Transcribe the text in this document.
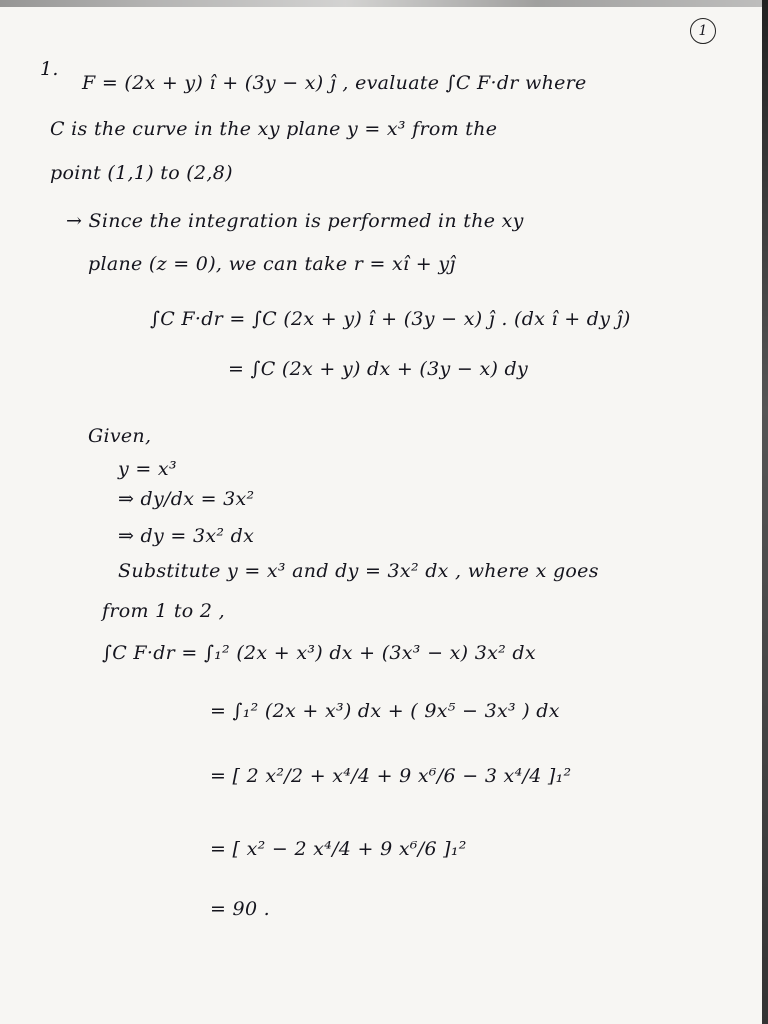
1
1.
F = (2x + y) î + (3y − x) ĵ , evaluate ∫C F·dr where
C is the curve in the xy plane y = x³ from the
point (1,1) to (2,8)
→ Since the integration is performed in the xy
plane (z = 0), we can take r = xî + yĵ
∫C F·dr = ∫C (2x + y) î + (3y − x) ĵ . (dx î + dy ĵ)
= ∫C (2x + y) dx + (3y − x) dy
Given,
y = x³
⇒ dy/dx = 3x²
⇒ dy = 3x² dx
Substitute y = x³ and dy = 3x² dx , where x goes
from 1 to 2 ,
∫C F·dr = ∫₁² (2x + x³) dx + (3x³ − x) 3x² dx
= ∫₁² (2x + x³) dx + ( 9x⁵ − 3x³ ) dx
= [ 2 x²/2 + x⁴/4 + 9 x⁶/6 − 3 x⁴/4 ]₁²
= [ x² − 2 x⁴/4 + 9 x⁶/6 ]₁²
= 90 .
